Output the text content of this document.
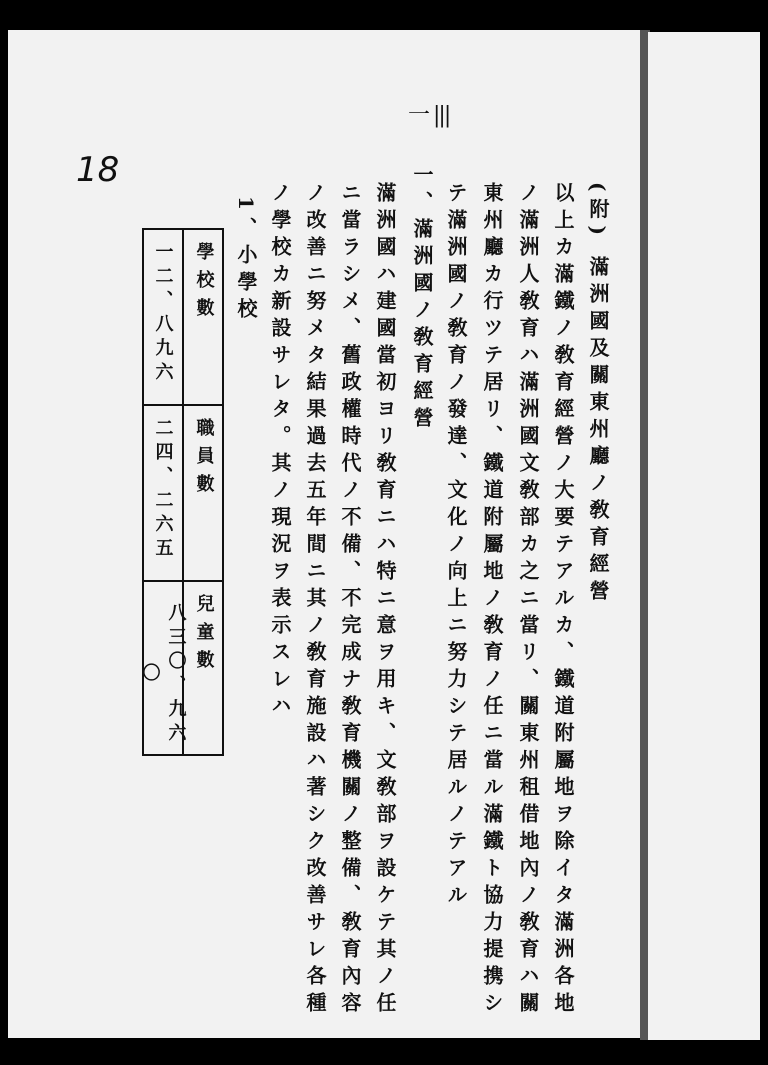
一 |||
18
(附) 滿洲國及關東州廳ノ敎育經營
以上カ滿鐵ノ敎育經營ノ大要テアルカ、鐵道附屬地ヲ除イタ滿洲各地
ノ滿洲人敎育ハ滿洲國文敎部カ之ニ當リ、關東州租借地內ノ敎育ハ關
東州廳カ行ツテ居リ、鐵道附屬地ノ敎育ノ任ニ當ル滿鐵ト協力提携シ
テ滿洲國ノ敎育ノ發達、文化ノ向上ニ努力シテ居ルノテアル
一、滿洲國ノ敎育經營
滿洲國ハ建國當初ヨリ敎育ニハ特ニ意ヲ用キ、文敎部ヲ設ケテ其ノ任
ニ當ラシメ、舊政權時代ノ不備、不完成ナ敎育機關ノ整備、敎育內容
ノ改善ニ努メタ結果過去五年間ニ其ノ敎育施設ハ著シク改善サレ各種
ノ學校カ新設サレタ。其ノ現況ヲ表示スレハ
1、小學校
學校數
一二、八九六
職員數
二四、二六五
兒童數
八三〇、九六〇
